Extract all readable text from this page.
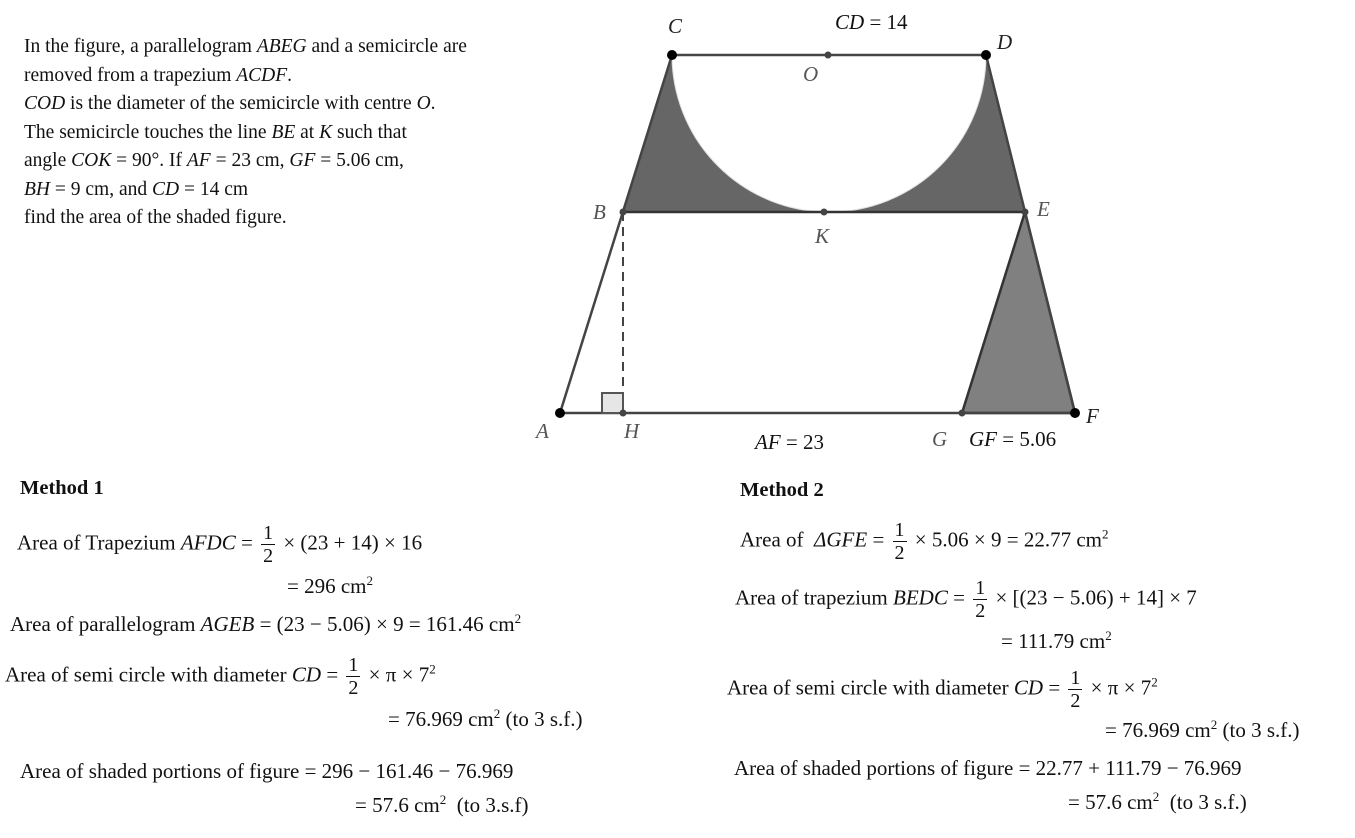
In the figure, a parallelogram ABEG and a semicircle are
removed from a trapezium ACDF.
COD is the diameter of the semicircle with centre O.
The semicircle touches the line BE at K such that
angle COK = 90°. If AF = 23 cm, GF = 5.06 cm,
BH = 9 cm, and CD = 14 cm
find the area of the shaded figure.
C
D
O
B	E
K
A	H	G
F
CD = 14
AF = 23	GF = 5.06
Method 1
Area of Trapezium AFDC = $\frac{1}{2} \times (23 + 14) \times 16$
= 296 $cm^2$
Area of parallelogram AGEB = (23 − 5.06) × 9 = 161.46 $cm^2$
Area of semi circle with diameter CD = $\frac{1}{2} \times \pi \times 7^2$
= 76.969 $cm^2$ (to 3 s.f.)
Area of shaded portions of figure = 296 − 161.46 − 76.969
= 57.6 $cm^2$  (to 3.s.f)
Method 2
Area of  $\Delta GFE = \frac{1}{2} \times 5.06 \times 9 = 22.77$ $cm^2$
Area of trapezium BEDC = $\frac{1}{2} \times [(23 - 5.06) + 14] \times 7$
= 111.79 $cm^2$
Area of semi circle with diameter CD = $\frac{1}{2} \times \pi \times 7^2$
= 76.969 $cm^2$ (to 3 s.f.)
Area of shaded portions of figure = 22.77 + 111.79 − 76.969
= 57.6 $cm^2$  (to 3 s.f.)
